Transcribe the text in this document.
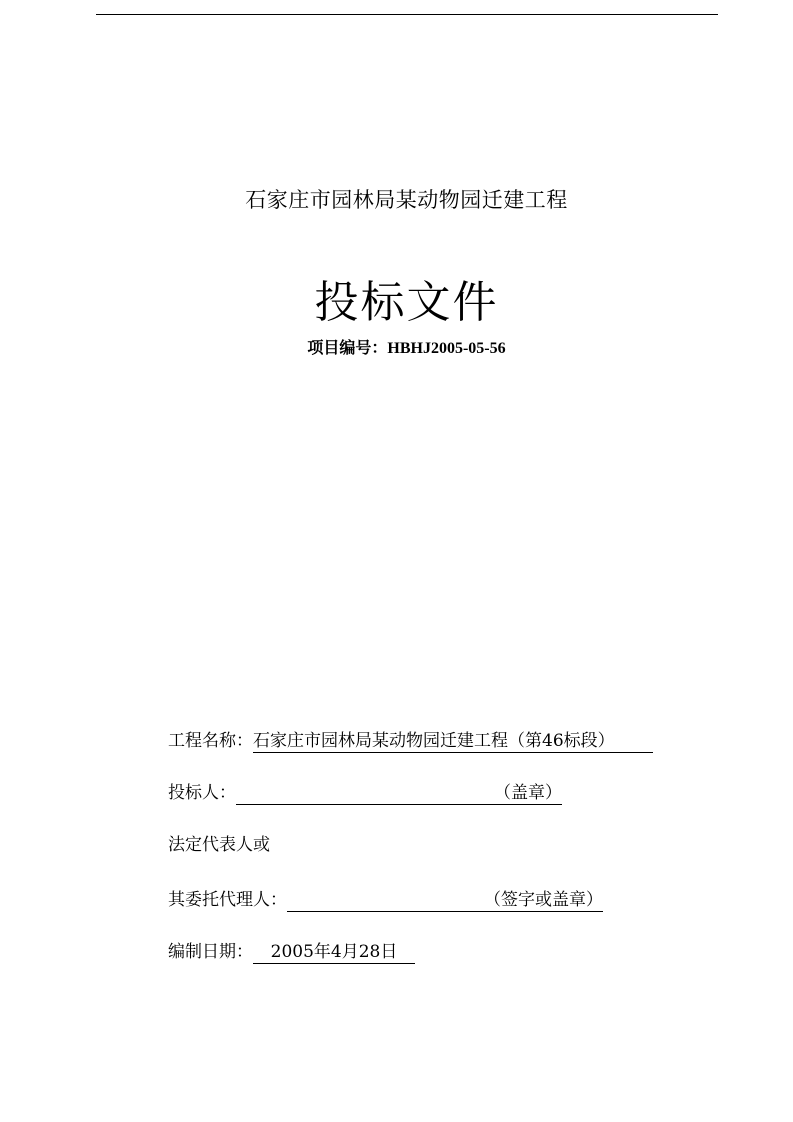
石家庄市园林局某动物园迁建工程
投标文件
项目编号：HBHJ2005-05-56
工程名称：石家庄市园林局某动物园迁建工程（第46标段）
投标人：	（盖章）
法定代表人或
其委托代理人：	（签字或盖章）
编制日期： 2005年4月28日
